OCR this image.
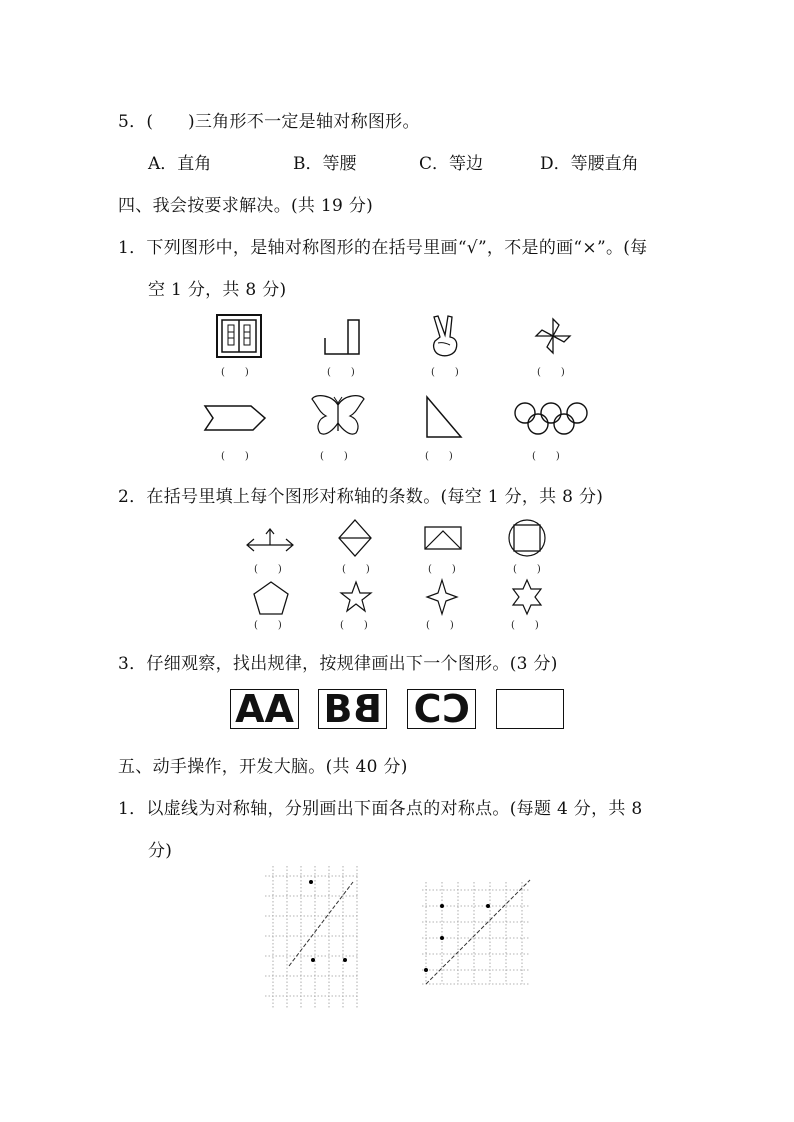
5．(　　)三角形不一定是轴对称图形。
A．直角	B．等腰	C．等边	D．等腰直角
四、我会按要求解决。(共 19 分)
1．下列图形中，是轴对称图形的在括号里画“√”，不是的画“×”。(每
空 1 分，共 8 分)
(　　)	(　　)	(　　)	(　　)
(　　)	(　　)	(　　)	(　　)
2．在括号里填上每个图形对称轴的条数。(每空 1 分，共 8 分)
(　　)	(　　)	(　　)	(　　)
(　　)	(　　)	(　　)	(　　)
3．仔细观察，找出规律，按规律画出下一个图形。(3 分)
AA BB CC
五、动手操作，开发大脑。(共 40 分)
1．以虚线为对称轴，分别画出下面各点的对称点。(每题 4 分，共 8
分)
